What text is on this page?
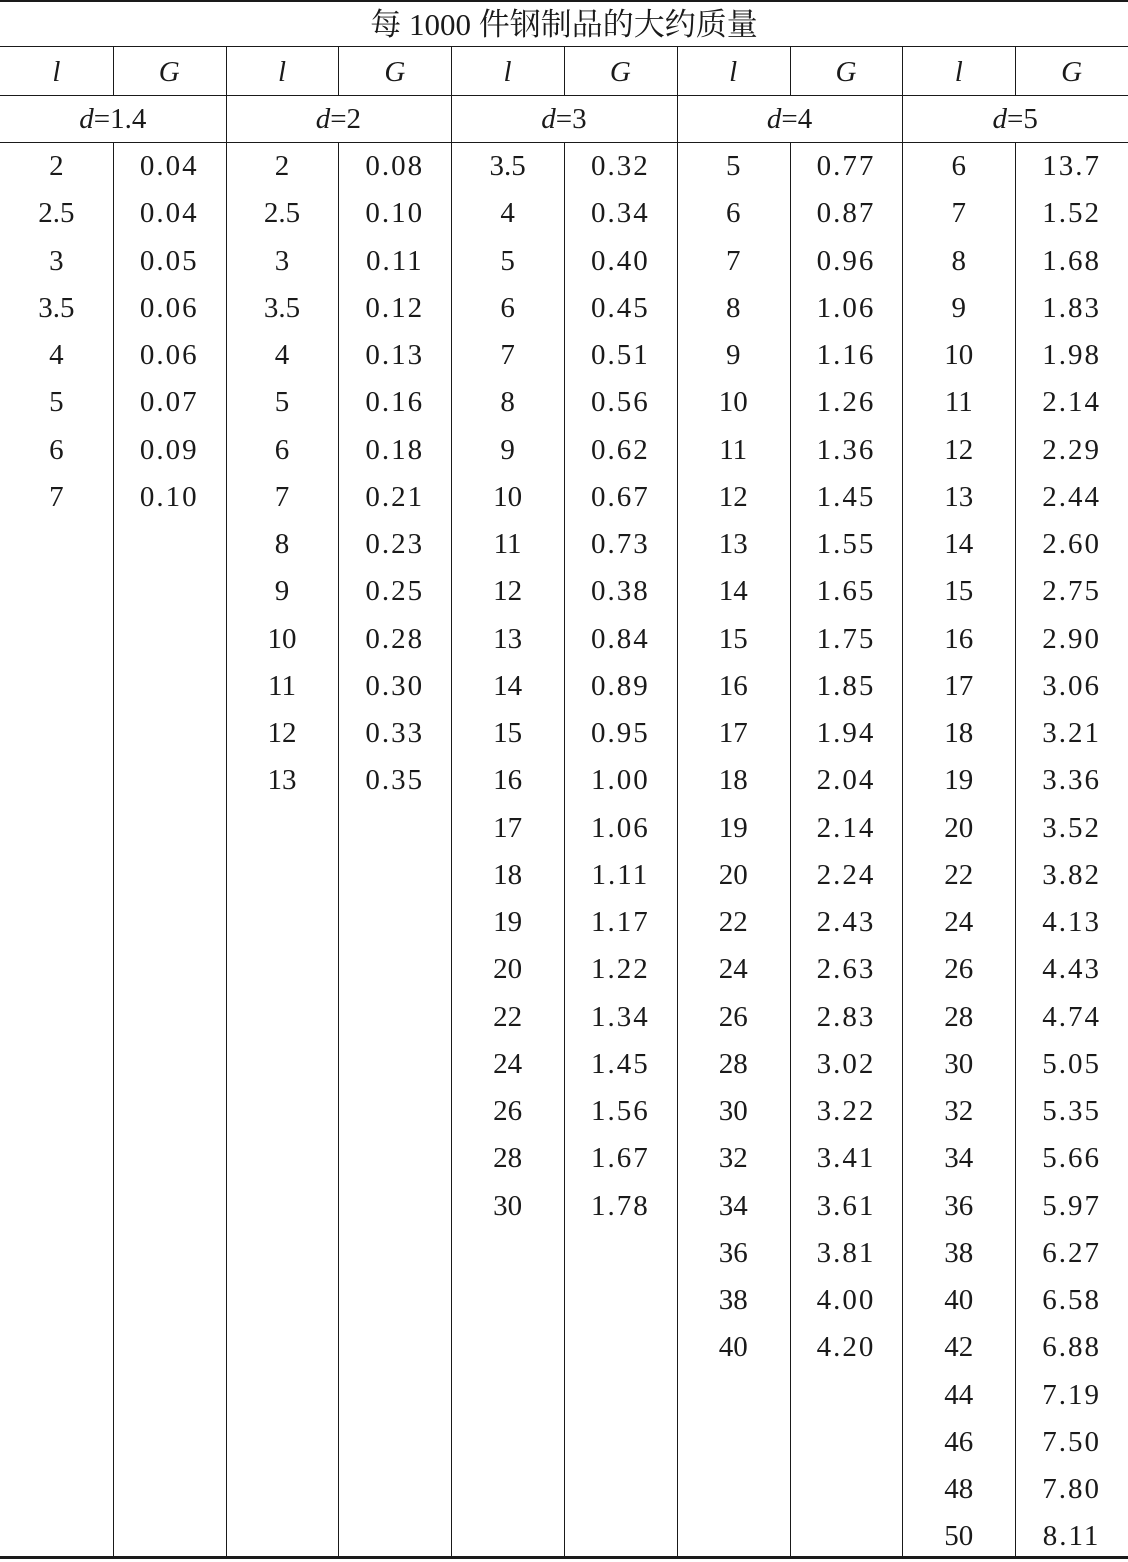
每 1000 件钢制品的大约质量
l	G
d=1.4
2	0.04
2.5	0.04
3	0.05
3.5	0.06
4	0.06
5	0.07
6	0.09
7	0.10
l	G
d=2
2	0.08
2.5	0.10
3	0.11
3.5	0.12
4	0.13
5	0.16
6	0.18
7	0.21
8	0.23
9	0.25
10	0.28
11	0.30
12	0.33
13	0.35
l	G
d=3
3.5	0.32
4	0.34
5	0.40
6	0.45
7	0.51
8	0.56
9	0.62
10	0.67
11	0.73
12	0.38
13	0.84
14	0.89
15	0.95
16	1.00
17	1.06
18	1.11
19	1.17
20	1.22
22	1.34
24	1.45
26	1.56
28	1.67
30	1.78
l	G
d=4
5	0.77
6	0.87
7	0.96
8	1.06
9	1.16
10	1.26
11	1.36
12	1.45
13	1.55
14	1.65
15	1.75
16	1.85
17	1.94
18	2.04
19	2.14
20	2.24
22	2.43
24	2.63
26	2.83
28	3.02
30	3.22
32	3.41
34	3.61
36	3.81
38	4.00
40	4.20
l	G
d=5
6	13.7
7	1.52
8	1.68
9	1.83
10	1.98
11	2.14
12	2.29
13	2.44
14	2.60
15	2.75
16	2.90
17	3.06
18	3.21
19	3.36
20	3.52
22	3.82
24	4.13
26	4.43
28	4.74
30	5.05
32	5.35
34	5.66
36	5.97
38	6.27
40	6.58
42	6.88
44	7.19
46	7.50
48	7.80
50	8.11
